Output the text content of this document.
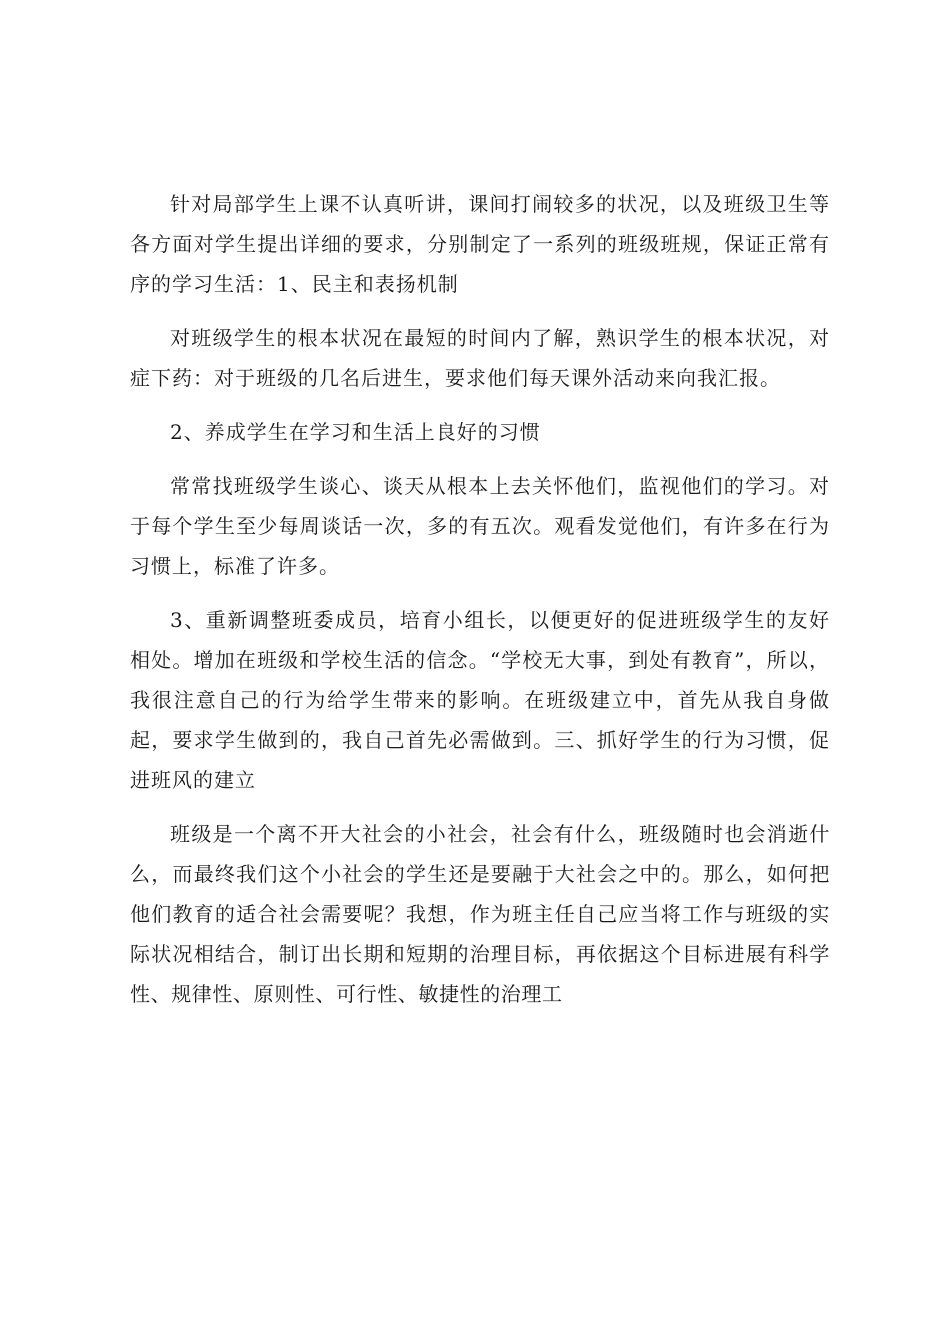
针对局部学生上课不认真听讲，课间打闹较多的状况，以及班级卫生等各方面对学生提出详细的要求，分别制定了一系列的班级班规，保证正常有序的学习生活：1、民主和表扬机制

对班级学生的根本状况在最短的时间内了解，熟识学生的根本状况，对症下药：对于班级的几名后进生，要求他们每天课外活动来向我汇报。

2、养成学生在学习和生活上良好的习惯

常常找班级学生谈心、谈天从根本上去关怀他们，监视他们的学习。对于每个学生至少每周谈话一次，多的有五次。观看发觉他们，有许多在行为习惯上，标准了许多。

3、重新调整班委成员，培育小组长，以便更好的促进班级学生的友好相处。增加在班级和学校生活的信念。“学校无大事，到处有教育”，所以，我很注意自己的行为给学生带来的影响。在班级建立中，首先从我自身做起，要求学生做到的，我自己首先必需做到。三、抓好学生的行为习惯，促进班风的建立

班级是一个离不开大社会的小社会，社会有什么，班级随时也会消逝什么，而最终我们这个小社会的学生还是要融于大社会之中的。那么，如何把他们教育的适合社会需要呢？我想，作为班主任自己应当将工作与班级的实际状况相结合，制订出长期和短期的治理目标，再依据这个目标进展有科学性、规律性、原则性、可行性、敏捷性的治理工
